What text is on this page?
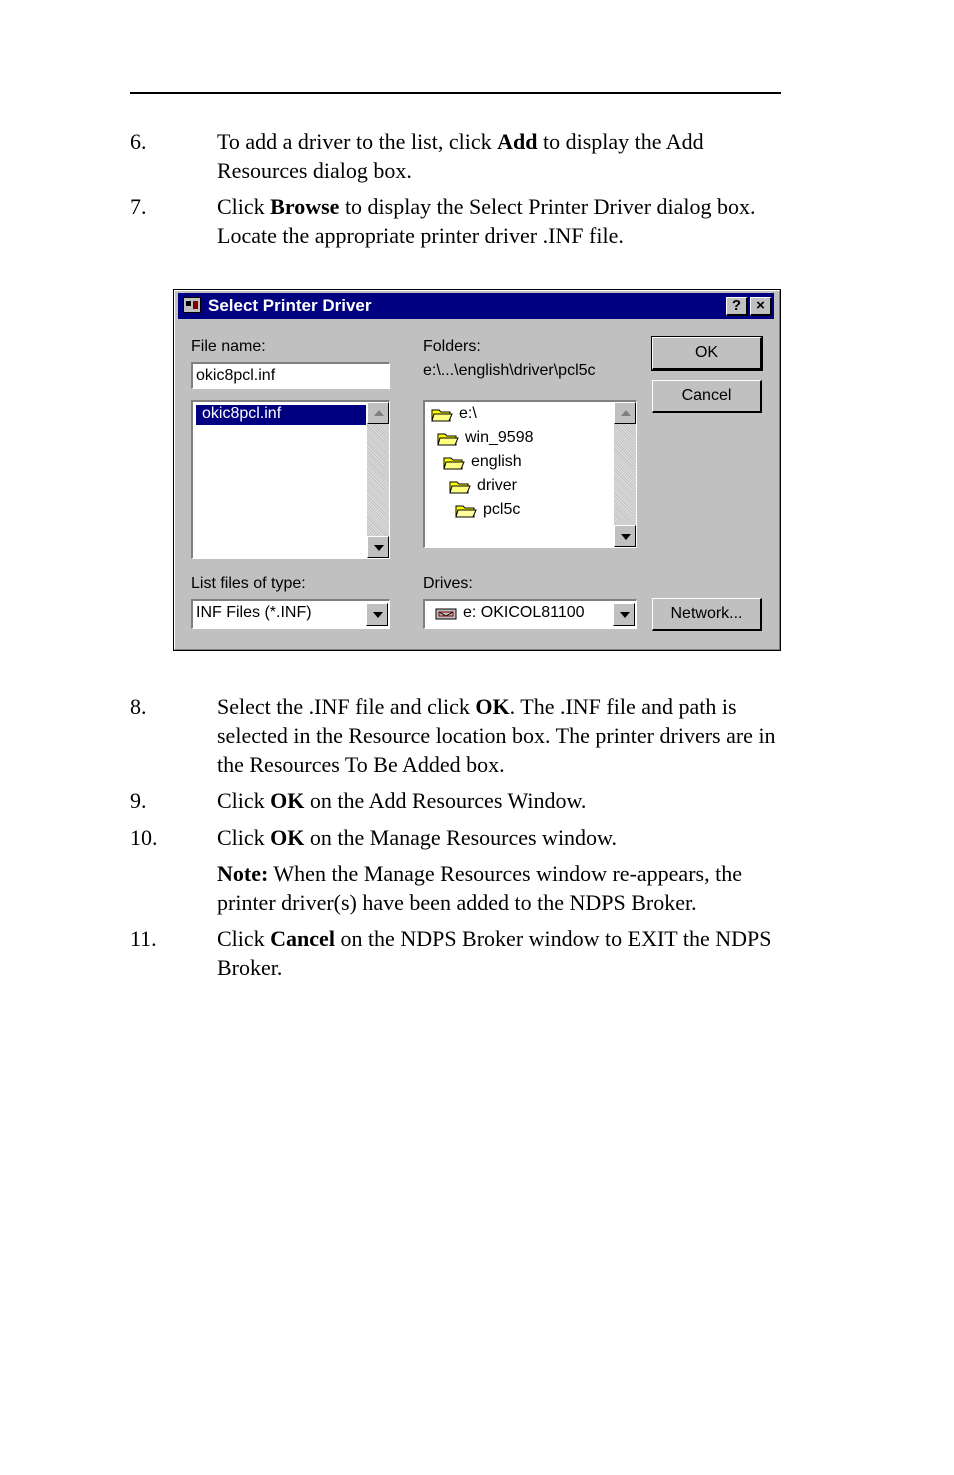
6.	To add a driver to the list, click Add to display the Add Resources dialog box.
7.	Click Browse to display the Select Printer Driver dialog box. Locate the appropriate printer driver .INF file.
Select Printer Driver	?	×
File name:
okic8pcl.inf
okic8pcl.inf
Folders:
e:\...\english\driver\pcl5c
e:\
win_9598
english
driver
pcl5c
OK
Cancel
List files of type:
INF Files (*.INF)
Drives:
e: OKICOL81100	Network...
8.	Select the .INF file and click OK. The .INF file and path is selected in the Resource location box. The printer drivers are in the Resources To Be Added box.
9.	Click OK on the Add Resources Window.
10.	Click OK on the Manage Resources window.
Note: When the Manage Resources window re-appears, the printer driver(s) have been added to the NDPS Broker.
11.	Click Cancel on the NDPS Broker window to EXIT the NDPS Broker.
